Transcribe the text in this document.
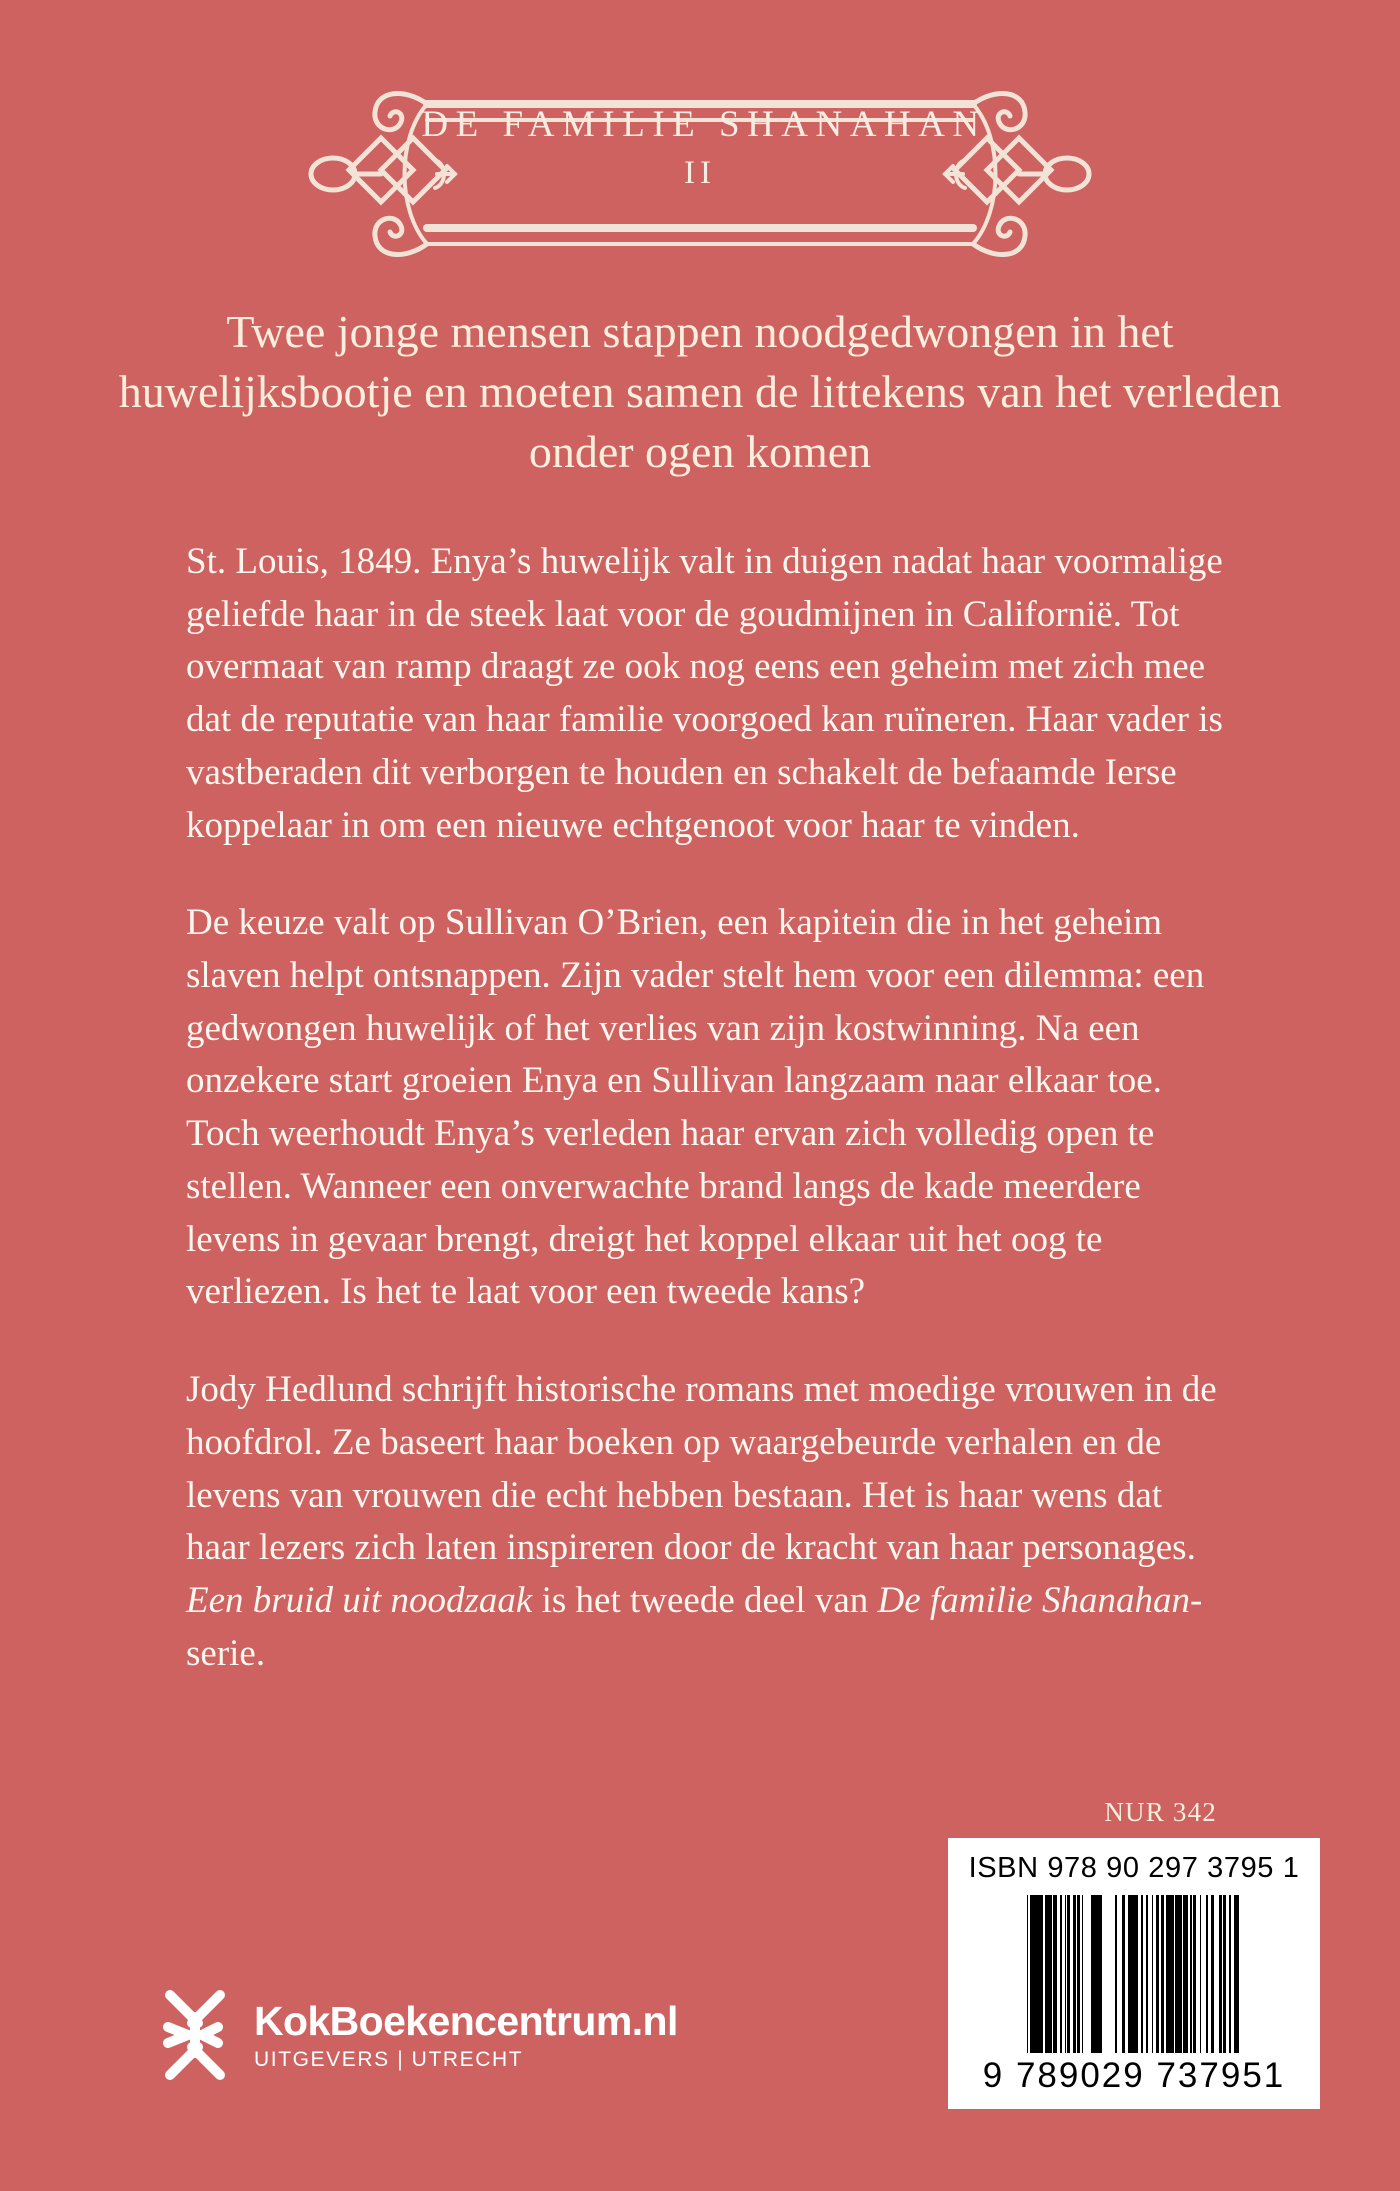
DE FAMILIE SHANAHAN
II
Twee jonge mensen stappen noodgedwongen in het huwelijksbootje en moeten samen de littekens van het verleden onder ogen komen

St. Louis, 1849. Enya’s huwelijk valt in duigen nadat haar voormalige geliefde haar in de steek laat voor de goudmijnen in Californië. Tot overmaat van ramp draagt ze ook nog eens een geheim met zich mee dat de reputatie van haar familie voorgoed kan ruïneren. Haar vader is vastberaden dit verborgen te houden en schakelt de befaamde Ierse koppelaar in om een nieuwe echtgenoot voor haar te vinden.

De keuze valt op Sullivan O’Brien, een kapitein die in het geheim slaven helpt ontsnappen. Zijn vader stelt hem voor een dilemma: een gedwongen huwelijk of het verlies van zijn kostwinning. Na een onzekere start groeien Enya en Sullivan langzaam naar elkaar toe. Toch weerhoudt Enya’s verleden haar ervan zich volledig open te stellen. Wanneer een onverwachte brand langs de kade meerdere levens in gevaar brengt, dreigt het koppel elkaar uit het oog te verliezen. Is het te laat voor een tweede kans?

Jody Hedlund schrijft historische romans met moedige vrouwen in de hoofdrol. Ze baseert haar boeken op waargebeurde verhalen en de levens van vrouwen die echt hebben bestaan. Het is haar wens dat haar lezers zich laten inspireren door de kracht van haar personages. Een bruid uit noodzaak is het tweede deel van De familie Shanahan-serie.

NUR 342
ISBN 978 90 297 3795 1
9 789029 737951
KokBoekencentrum.nl
UITGEVERS | UTRECHT
